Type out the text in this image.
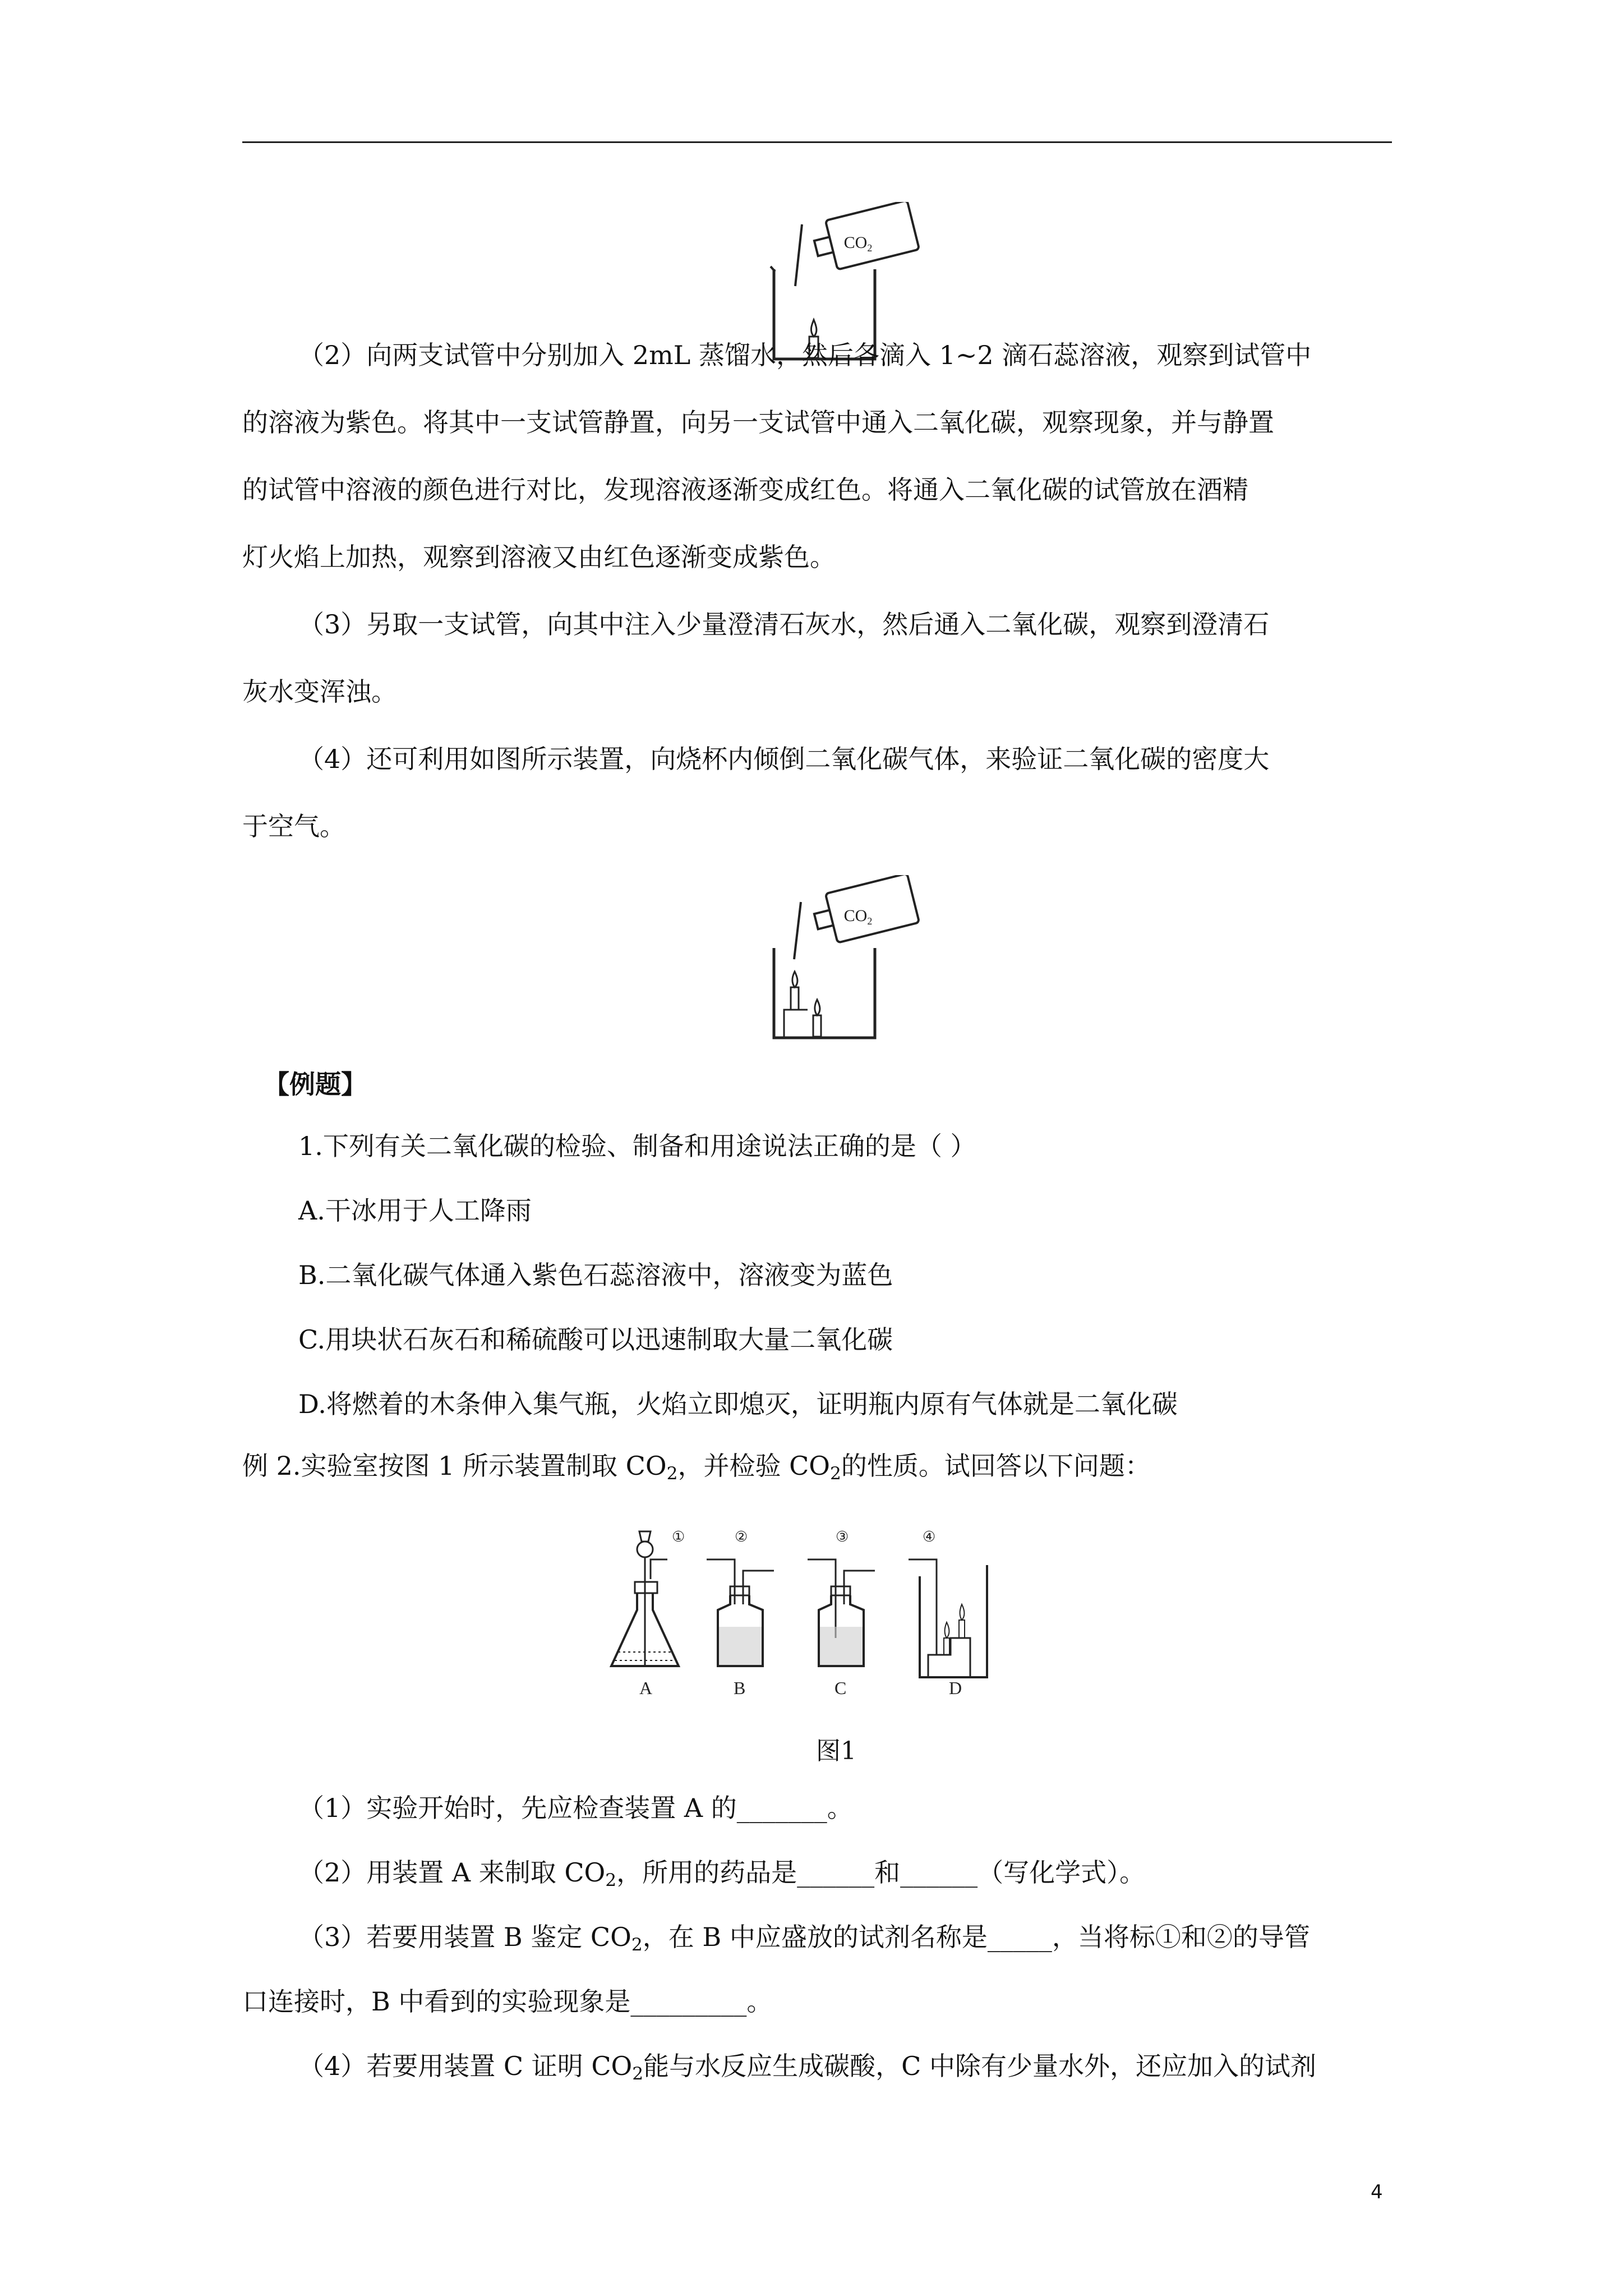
$CO_2$

（2）向两支试管中分别加入 2mL 蒸馏水，然后各滴入 1~2 滴石蕊溶液，观察到试管中

的溶液为紫色。将其中一支试管静置，向另一支试管中通入二氧化碳，观察现象，并与静置

的试管中溶液的颜色进行对比，发现溶液逐渐变成红色。将通入二氧化碳的试管放在酒精

灯火焰上加热，观察到溶液又由红色逐渐变成紫色。

（3）另取一支试管，向其中注入少量澄清石灰水，然后通入二氧化碳，观察到澄清石

灰水变浑浊。

（4）还可利用如图所示装置，向烧杯内倾倒二氧化碳气体，来验证二氧化碳的密度大

于空气。

$CO_2$

【例题】

1.下列有关二氧化碳的检验、制备和用途说法正确的是（ ）

A.干冰用于人工降雨

B.二氧化碳气体通入紫色石蕊溶液中，溶液变为蓝色

C.用块状石灰石和稀硫酸可以迅速制取大量二氧化碳

D.将燃着的木条伸入集气瓶，火焰立即熄灭，证明瓶内原有气体就是二氧化碳

例 2.实验室按图 1 所示装置制取 $CO_2$，并检验 $CO_2$的性质。试回答以下问题：

①
A
②
B
③
C
④
D
图1

（1）实验开始时，先应检查装置 A 的_______。

（2）用装置 A 来制取 $CO_2$，所用的药品是______和______（写化学式）。

（3）若要用装置 B 鉴定 $CO_2$，在 B 中应盛放的试剂名称是_____，当将标①和②的导管

口连接时，B 中看到的实验现象是_________。

（4）若要用装置 C 证明 $CO_2$能与水反应生成碳酸，C 中除有少量水外，还应加入的试剂

4
